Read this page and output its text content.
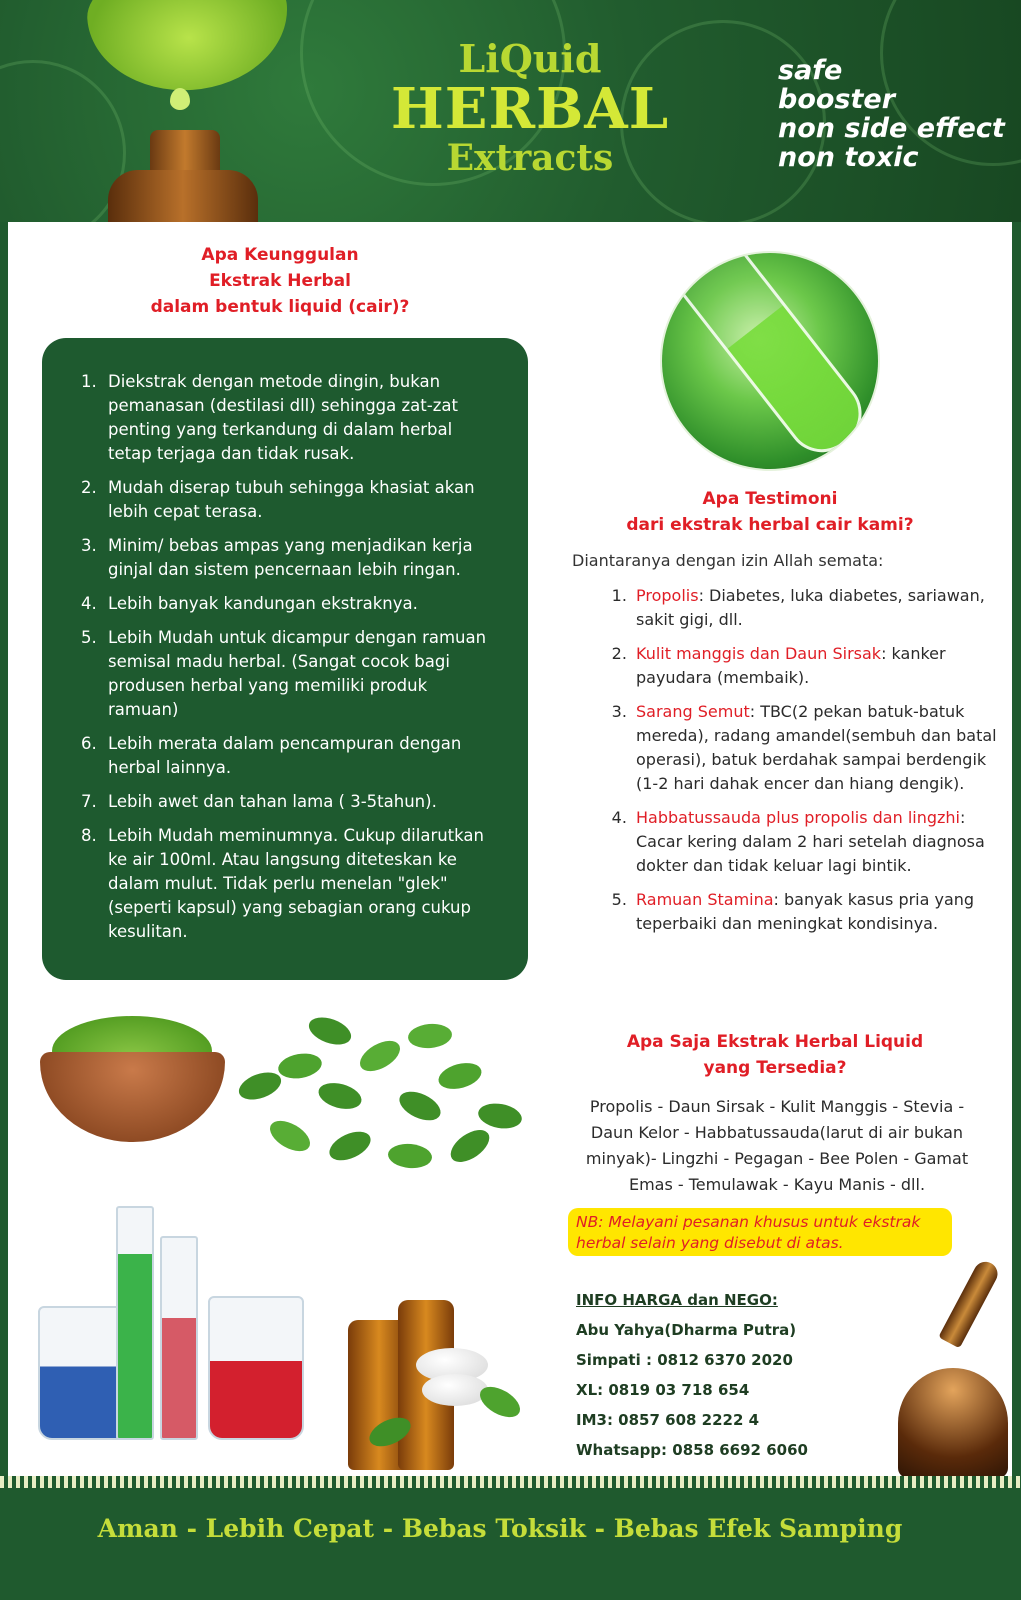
LiQuid
HERBAL
Extracts
safe
booster
non side effect
non toxic
Apa Keunggulan
Ekstrak Herbal
dalam bentuk liquid (cair)?
1. Diekstrak dengan metode dingin, bukan pemanasan (destilasi dll) sehingga zat-zat penting yang terkandung di dalam herbal tetap terjaga dan tidak rusak.
2. Mudah diserap tubuh sehingga khasiat akan lebih cepat terasa.
3. Minim/ bebas ampas yang menjadikan kerja ginjal dan sistem pencernaan lebih ringan.
4. Lebih banyak kandungan ekstraknya.
5. Lebih Mudah untuk dicampur dengan ramuan semisal madu herbal. (Sangat cocok bagi produsen herbal yang memiliki produk ramuan)
6. Lebih merata dalam pencampuran dengan herbal lainnya.
7. Lebih awet dan tahan lama ( 3-5tahun).
8. Lebih Mudah meminumnya. Cukup dilarutkan ke air 100ml. Atau langsung diteteskan ke dalam mulut. Tidak perlu menelan "glek" (seperti kapsul) yang sebagian orang cukup kesulitan.
Apa Testimoni
dari ekstrak herbal cair kami?
Diantaranya dengan izin Allah semata:
1. Propolis: Diabetes, luka diabetes, sariawan, sakit gigi, dll.
2. Kulit manggis dan Daun Sirsak: kanker payudara (membaik).
3. Sarang Semut: TBC(2 pekan batuk-batuk mereda), radang amandel(sembuh dan batal operasi), batuk berdahak sampai berdengik (1-2 hari dahak encer dan hiang dengik).
4. Habbatussauda plus propolis dan lingzhi: Cacar kering dalam 2 hari setelah diagnosa dokter dan tidak keluar lagi bintik.
5. Ramuan Stamina: banyak kasus pria yang teperbaiki dan meningkat kondisinya.
Apa Saja Ekstrak Herbal Liquid
yang Tersedia?
Propolis - Daun Sirsak - Kulit Manggis - Stevia - Daun Kelor - Habbatussauda(larut di air bukan minyak)- Lingzhi - Pegagan - Bee Polen - Gamat Emas - Temulawak - Kayu Manis - dll.
NB: Melayani pesanan khusus untuk ekstrak herbal selain yang disebut di atas.
INFO HARGA dan NEGO:
Abu Yahya(Dharma Putra)
Simpati : 0812 6370 2020
XL: 0819 03 718 654
IM3: 0857 608 2222 4
Whatsapp: 0858 6692 6060
Aman - Lebih Cepat - Bebas Toksik - Bebas Efek Samping
